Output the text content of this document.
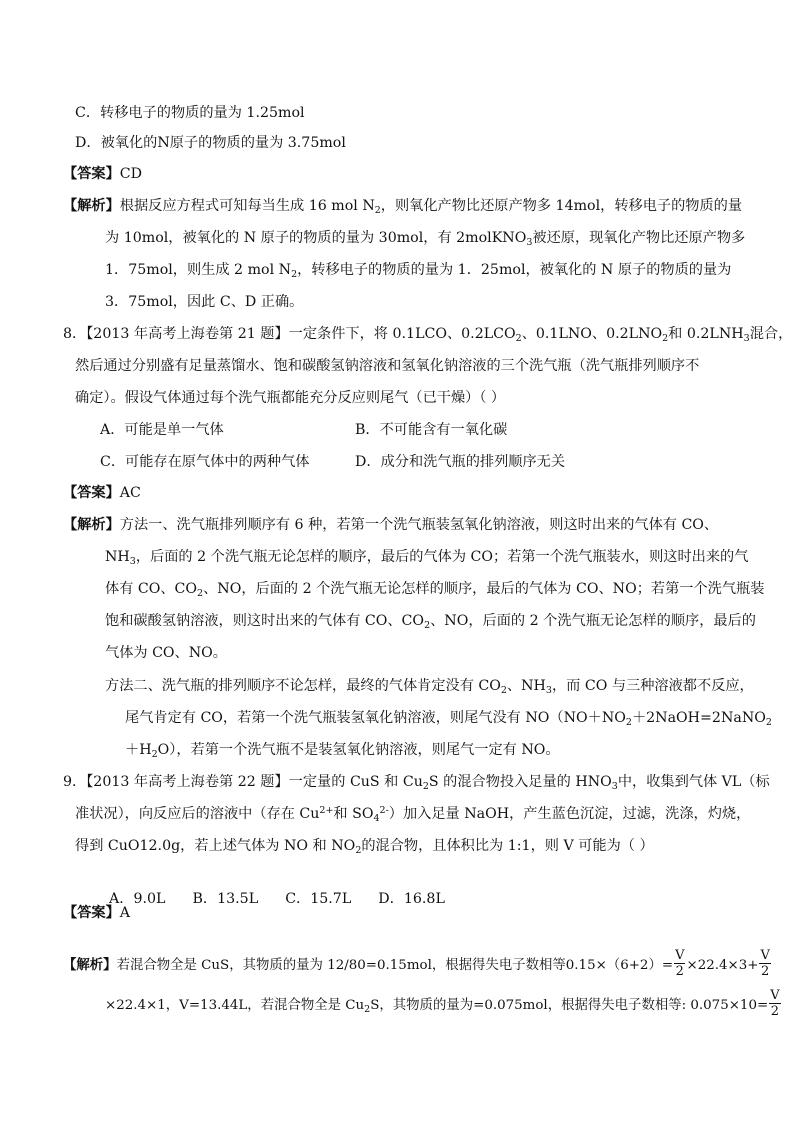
C．转移电子的物质的量为 1.25mol
D．被氧化的N原子的物质的量为 3.75mol
【答案】CD
【解析】根据反应方程式可知每当生成 16 mol $N_2$，则氧化产物比还原产物多 14mol，转移电子的物质的量
为 10mol，被氧化的 N 原子的物质的量为 30mol，有 2molKNO$_3$被还原，现氧化产物比还原产物多
1．75mol，则生成 2 mol $N_2$，转移电子的物质的量为 1．25mol，被氧化的 N 原子的物质的量为
3．75mol，因此 C、D 正确。
8．【2013 年高考上海卷第 21 题】一定条件下，将 0.1LCO、$0.2LCO_2$、0.1LNO、$0.2LNO_2$和 $0.2LNH_3$混合，
然后通过分别盛有足量蒸馏水、饱和碳酸氢钠溶液和氢氧化钠溶液的三个洗气瓶（洗气瓶排列顺序不
确定）。假设气体通过每个洗气瓶都能充分反应则尾气（已干燥）（ ）
A．可能是单一气体	B．不可能含有一氧化碳
C．可能存在原气体中的两种气体	D．成分和洗气瓶的排列顺序无关
【答案】AC
【解析】方法一、洗气瓶排列顺序有 6 种，若第一个洗气瓶装氢氧化钠溶液，则这时出来的气体有 CO、
$NH_3$，后面的 2 个洗气瓶无论怎样的顺序，最后的气体为 CO；若第一个洗气瓶装水，则这时出来的气
体有 CO、$CO_2$、NO，后面的 2 个洗气瓶无论怎样的顺序，最后的气体为 CO、NO；若第一个洗气瓶装
饱和碳酸氢钠溶液，则这时出来的气体有 CO、$CO_2$、NO，后面的 2 个洗气瓶无论怎样的顺序，最后的
气体为 CO、NO。
方法二、洗气瓶的排列顺序不论怎样，最终的气体肯定没有 $CO_2$、$NH_3$，而 CO 与三种溶液都不反应，
尾气肯定有 CO，若第一个洗气瓶装氢氧化钠溶液，则尾气没有 $NO(NO+NO_2+2NaOH=2NaNO_2$
$+H_2O$），若第一个洗气瓶不是装氢氧化钠溶液，则尾气一定有 NO。
9．【2013 年高考上海卷第 22 题】一定量的 CuS 和 $Cu_2S$ 的混合物投入足量的 $HNO_3$中，收集到气体 VL（标
准状况），向反应后的溶液中（存在 $Cu^{2+}$和 $SO_4^{2-}$）加入足量 NaOH，产生蓝色沉淀，过滤，洗涤，灼烧，
得到 CuO12.0g，若上述气体为 NO 和 $NO_2$的混合物，且体积比为 1:1，则 V 可能为（ ）

A．9.0L      B．13.5L      C．15.7L      D．16.8L

【答案】A
【解析】若混合物全是 CuS，其物质的量为 12/80=0.15mol，根据得失电子数相等$0.15\times(6+2)= \frac{V}{2} \times 22.4\times 3+ \frac{V}{2}$
×22.4×1，V=13.44L，若混合物全是 $Cu_2S$，其物质的量为=0.075mol，根据得失电子数相等: $0.075\times 10= \frac{V}{2}$
